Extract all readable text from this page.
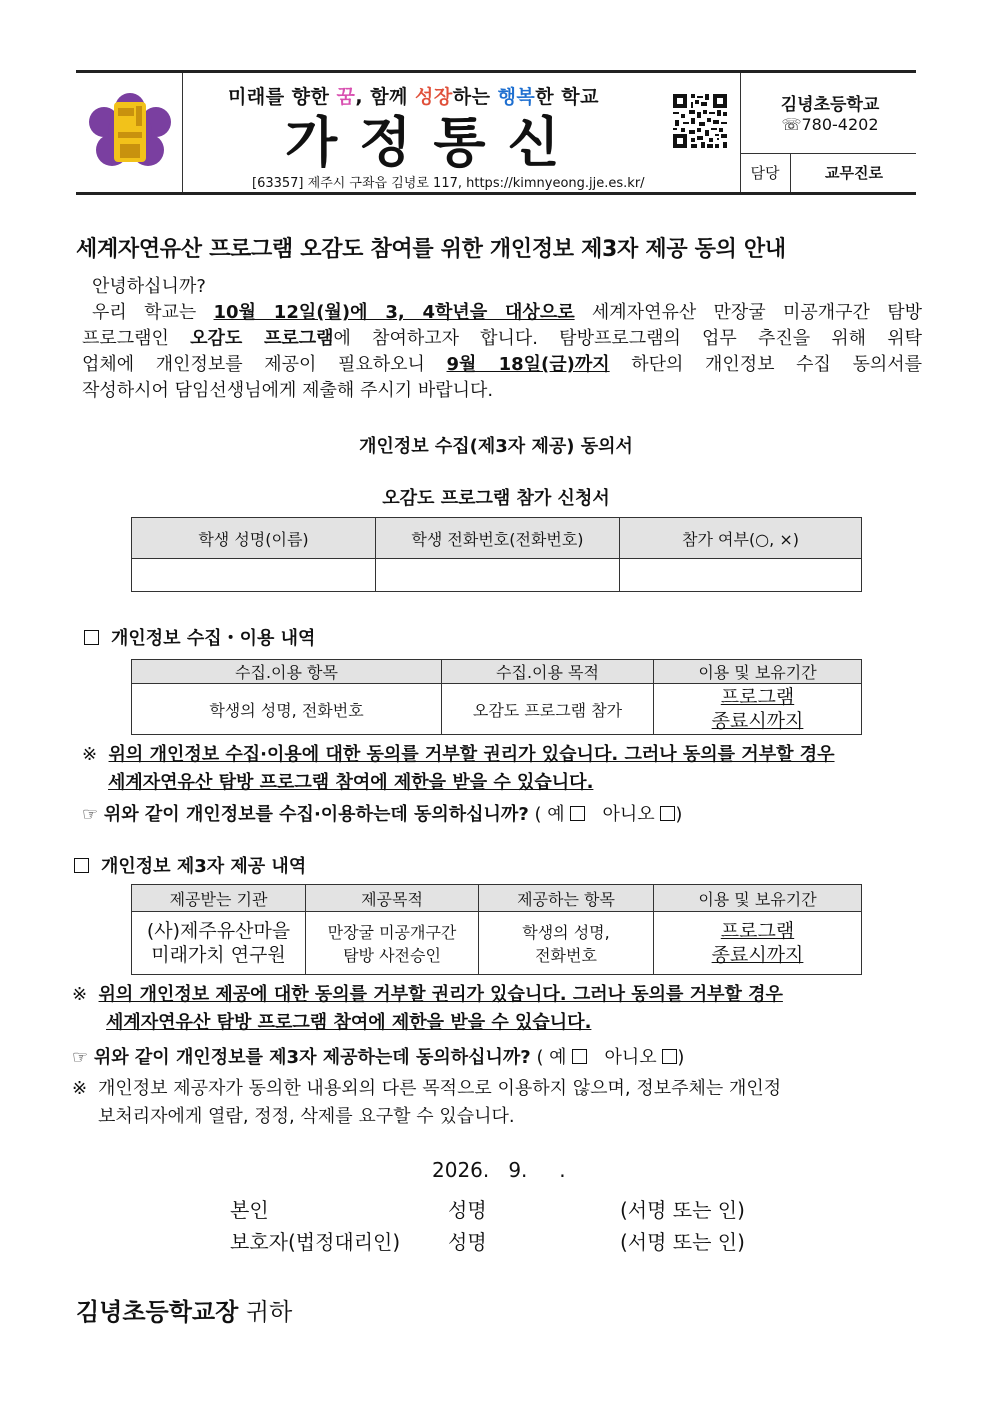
미래를 향한 꿈, 함께 성장하는 행복한 학교
가정통신
[63357] 제주시 구좌읍 김녕로 117, https://kimnyeong.jje.es.kr/
김녕초등학교
☏780-4202
담당	교무진로
세계자연유산 프로그램 오감도 참여를 위한 개인정보 제3자 제공 동의 안내

안녕하십니까?

우리 학교는 10월 12일(월)에 3, 4학년을 대상으로 세계자연유산 만장굴 미공개구간 탐방

프로그램인 오감도 프로그램에 참여하고자 합니다. 탐방프로그램의 업무 추진을 위해 위탁

업체에 개인정보를 제공이 필요하오니 9월 18일(금)까지 하단의 개인정보 수집 동의서를

작성하시어 담임선생님에게 제출해 주시기 바랍니다.

개인정보 수집(제3자 제공) 동의서
오감도 프로그램 참가 신청서
학생 성명(이름)	학생 전화번호(전화번호)	참가 여부(○, ×)

개인정보 수집・이용 내역
수집.이용 항목	수집.이용 목적	이용 및 보유기간
학생의 성명, 전화번호	오감도 프로그램 참가	프로그램
종료시까지
※ 위의 개인정보 수집·이용에 대한 동의를 거부할 권리가 있습니다. 그러나 동의를 거부할 경우
세계자연유산 탐방 프로그램 참여에 제한을 받을 수 있습니다.
☞ 위와 같이 개인정보를 수집·이용하는데 동의하십니까? ( 예    아니오 )
개인정보 제3자 제공 내역
제공받는 기관	제공목적	제공하는 항목	이용 및 보유기간
(사)제주유산마을
미래가치 연구원	만장굴 미공개구간
탐방 사전승인	학생의 성명,
전화번호	프로그램
종료시까지
※ 위의 개인정보 제공에 대한 동의를 거부할 권리가 있습니다. 그러나 동의를 거부할 경우
세계자연유산 탐방 프로그램 참여에 제한을 받을 수 있습니다.
☞ 위와 같이 개인정보를 제3자 제공하는데 동의하십니까? ( 예    아니오 )
※ 개인정보 제공자가 동의한 내용외의 다른 목적으로 이용하지 않으며, 정보주체는 개인정
보처리자에게 열람, 정정, 삭제를 요구할 수 있습니다.
2026.   9.     .
본인	성명	(서명 또는 인)
보호자(법정대리인) 성명	(서명 또는 인)
김녕초등학교장 귀하
